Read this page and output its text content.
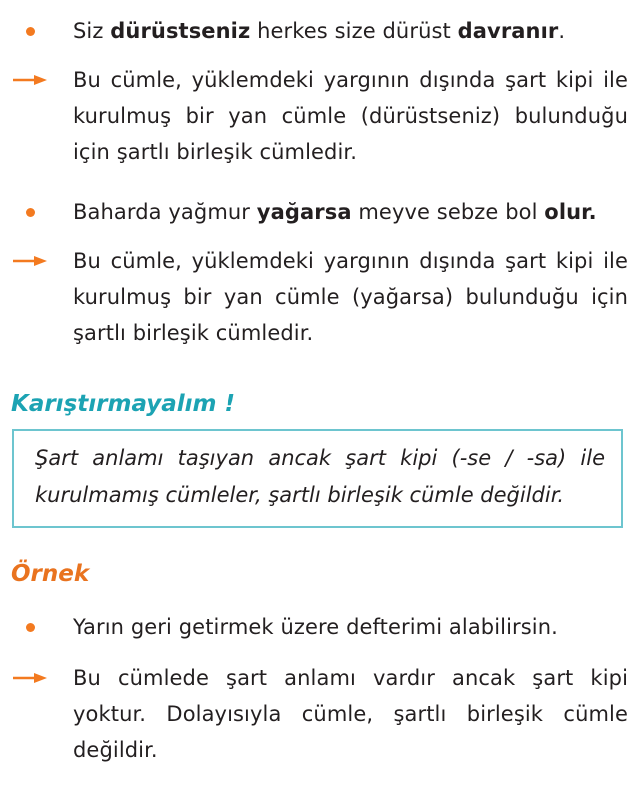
Siz dürüstseniz herkes size dürüst davranır.
Bu cümle, yüklemdeki yargının dışında şart kipi ile kurulmuş bir yan cümle (dürüstseniz) bulunduğu için şartlı birleşik cümledir.
Baharda yağmur yağarsa meyve sebze bol olur.
Bu cümle, yüklemdeki yargının dışında şart kipi ile kurulmuş bir yan cümle (yağarsa) bulunduğu için şartlı birleşik cümledir.
Karıştırmayalım !
Şart anlamı taşıyan ancak şart kipi (-se / -sa) ile kurulmamış cümleler, şartlı birleşik cümle değildir.
Örnek
Yarın geri getirmek üzere defterimi alabilirsin.
Bu cümlede şart anlamı vardır ancak şart kipi yoktur. Dolayısıyla cümle, şartlı birleşik cümle değildir.
